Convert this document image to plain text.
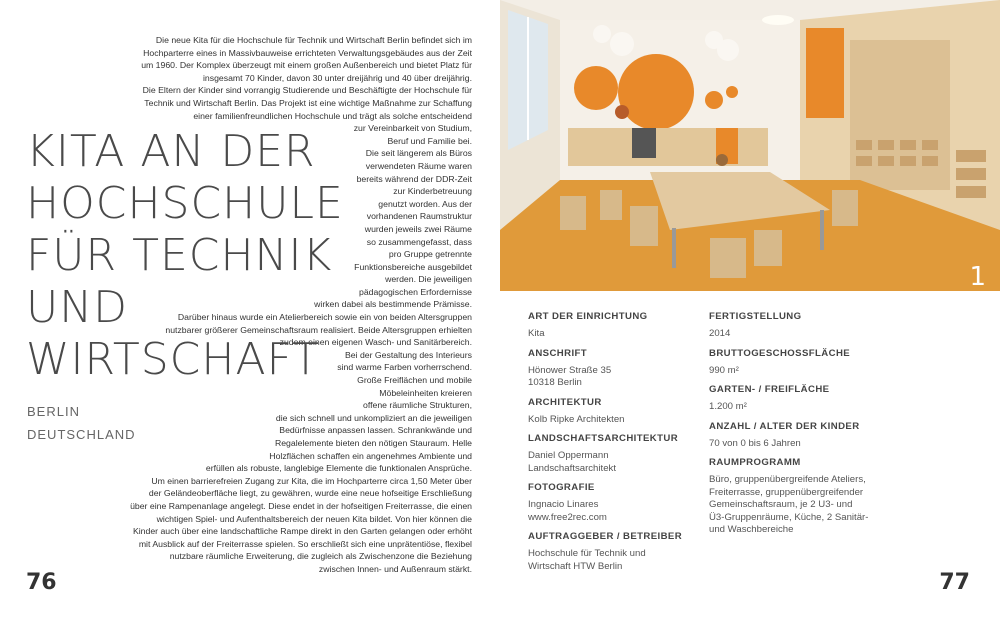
Die neue Kita für die Hochschule für Technik und Wirtschaft Berlin befindet sich im
Hochparterre eines in Massivbauweise errichteten Verwaltungsgebäudes aus der Zeit
um 1960. Der Komplex überzeugt mit einem großen Außenbereich und bietet Platz für
insgesamt 70 Kinder, davon 30 unter dreijährig und 40 über dreijährig.
Die Eltern der Kinder sind vorrangig Studierende und Beschäftigte der Hochschule für
Technik und Wirtschaft Berlin. Das Projekt ist eine wichtige Maßnahme zur Schaffung
einer familienfreundlichen Hochschule und trägt als solche entscheidend
zur Vereinbarkeit von Studium,
Beruf und Familie bei.
Die seit längerem als Büros
verwendeten Räume waren
bereits während der DDR-Zeit
zur Kinderbetreuung
genutzt worden. Aus der
vorhandenen Raumstruktur
wurden jeweils zwei Räume
so zusammengefasst, dass
pro Gruppe getrennte
Funktionsbereiche ausgebildet
werden. Die jeweiligen
pädagogischen Erfordernisse
wirken dabei als bestimmende Prämisse.
Darüber hinaus wurde ein Atelierbereich sowie ein von beiden Altersgruppen
nutzbarer größerer Gemeinschaftsraum realisiert. Beide Altersgruppen erhielten
zudem einen eigenen Wasch- und Sanitärbereich.
Bei der Gestaltung des Interieurs
sind warme Farben vorherrschend.
Große Freiflächen und mobile
Möbeleinheiten kreieren
offene räumliche Strukturen,
die sich schnell und unkompliziert an die jeweiligen
Bedürfnisse anpassen lassen. Schrankwände und
Regalelemente bieten den nötigen Stauraum. Helle
Holzflächen schaffen ein angenehmes Ambiente und
erfüllen als robuste, langlebige Elemente die funktionalen Ansprüche.
Um einen barrierefreien Zugang zur Kita, die im Hochparterre circa 1,50 Meter über
der Geländeoberfläche liegt, zu gewähren, wurde eine neue hofseitige Erschließung
über eine Rampenanlage angelegt. Diese endet in der hofseitigen Freiterrasse, die einen
wichtigen Spiel- und Aufenthaltsbereich der neuen Kita bildet. Von hier können die
Kinder auch über eine landschaftliche Rampe direkt in den Garten gelangen oder erhöht
mit Ausblick auf der Freiterrasse spielen. So erschließt sich eine unprätentiöse, flexibel
nutzbare räumliche Erweiterung, die zugleich als Zwischenzone die Beziehung
zwischen Innen- und Außenraum stärkt.
KITA AN DER
HOCHSCHULE
FÜR TECHNIK
UND
WIRTSCHAFT
BERLIN
DEUTSCHLAND
76
1
ART DER EINRICHTUNG
Kita
ANSCHRIFT
Hönower Straße 35
10318 Berlin
ARCHITEKTUR
Kolb Ripke Architekten
LANDSCHAFTSARCHITEKTUR
Daniel Oppermann
Landschaftsarchitekt
FOTOGRAFIE
Ingnacio Linares
www.free2rec.com
AUFTRAGGEBER / BETREIBER
Hochschule für Technik und
Wirtschaft HTW Berlin
FERTIGSTELLUNG
2014
BRUTTOGESCHOSSFLÄCHE
990 m²
GARTEN- / FREIFLÄCHE
1.200 m²
ANZAHL / ALTER DER KINDER
70 von 0 bis 6 Jahren
RAUMPROGRAMM
Büro, gruppenübergreifende Ateliers,
Freiterrasse, gruppenübergreifender
Gemeinschaftsraum, je 2 U3- und
Ü3-Gruppenräume, Küche, 2 Sanitär-
und Waschbereiche
77
